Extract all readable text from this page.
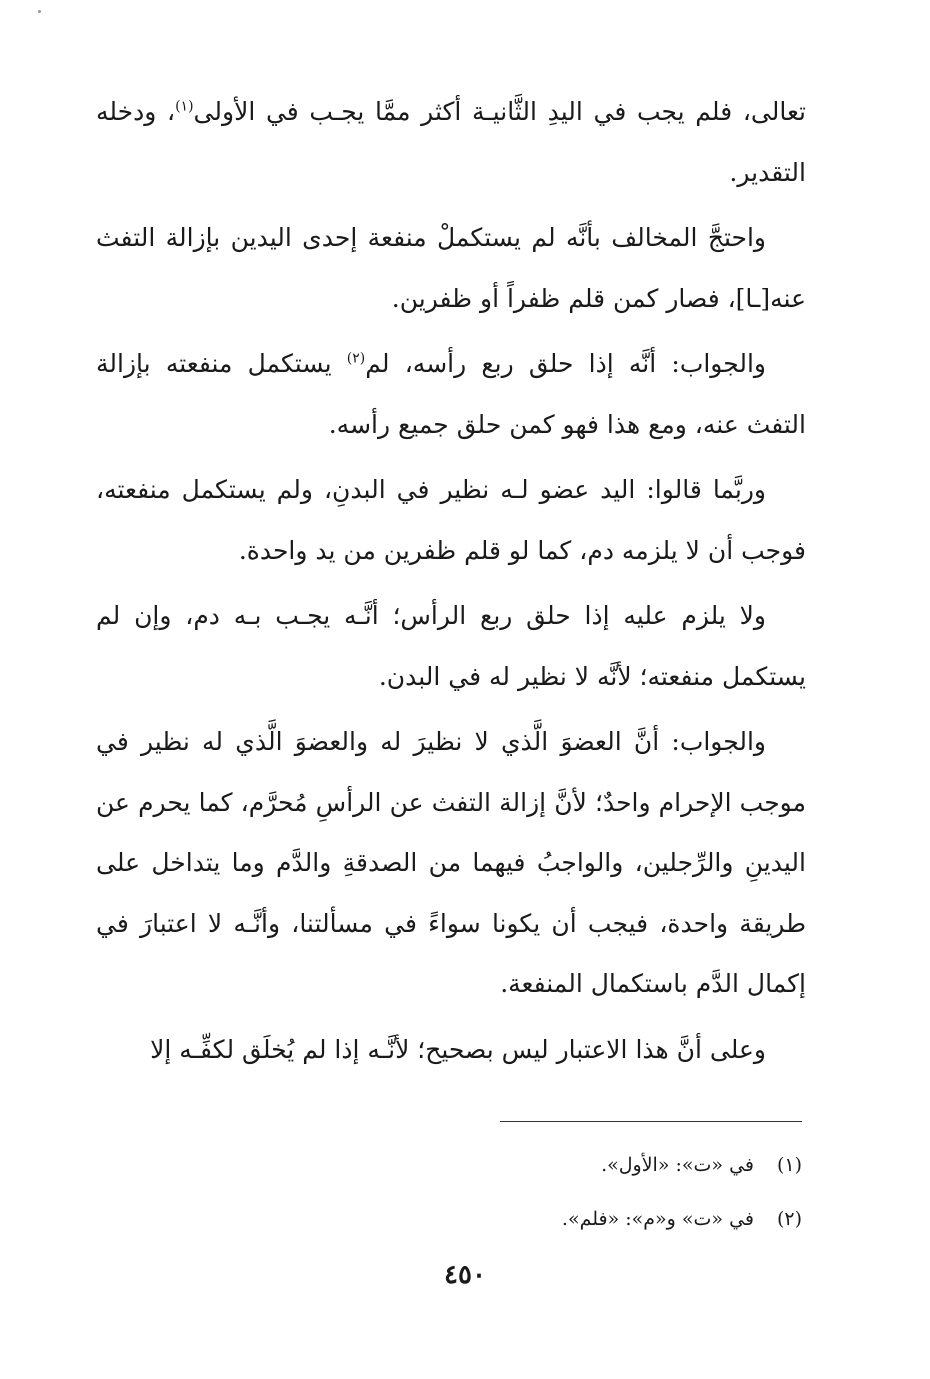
تعالى، فلم يجب في اليدِ الثَّانيـة أكثر ممَّا يجـب في الأولى$^{(١)}$، ودخله التقدير.

واحتجَّ المخالف بأنَّه لم يستكملْ منفعة إحدى اليدين بإزالة التفث عنه[ـا]، فصار كمن قلم ظفراً أو ظفرين.

والجواب: أنَّه إذا حلق ربع رأسه، لم$^{(٢)}$ يستكمل منفعته بإزالة التفث عنه، ومع هذا فهو كمن حلق جميع رأسه.

وربَّما قالوا: اليد عضو لـه نظير في البدنِ، ولم يستكمل منفعته، فوجب أن لا يلزمه دم، كما لو قلم ظفرين من يد واحدة.

ولا يلزم عليه إذا حلق ربع الرأس؛ أنَّـه يجـب بـه دم، وإن لم يستكمل منفعته؛ لأنَّه لا نظير له في البدن.

والجواب: أنَّ العضوَ الَّذي لا نظيرَ له والعضوَ الَّذي له نظير في موجب الإحرام واحدٌ؛ لأنَّ إزالة التفث عن الرأسِ مُحرَّم، كما يحرم عن اليدينِ والرِّجلين، والواجبُ فيهما من الصدقةِ والدَّم وما يتداخل على طريقة واحدة، فيجب أن يكونا سواءً في مسألتنا، وأنَّـه لا اعتبارَ في إكمال الدَّم باستكمال المنفعة.

وعلى أنَّ هذا الاعتبار ليس بصحيح؛ لأنَّـه إذا لم يُخلَق لكفِّـه إلا

(١)في «ت»: «الأول».
(٢)في «ت» و«م»: «فلم».
٤٥٠
